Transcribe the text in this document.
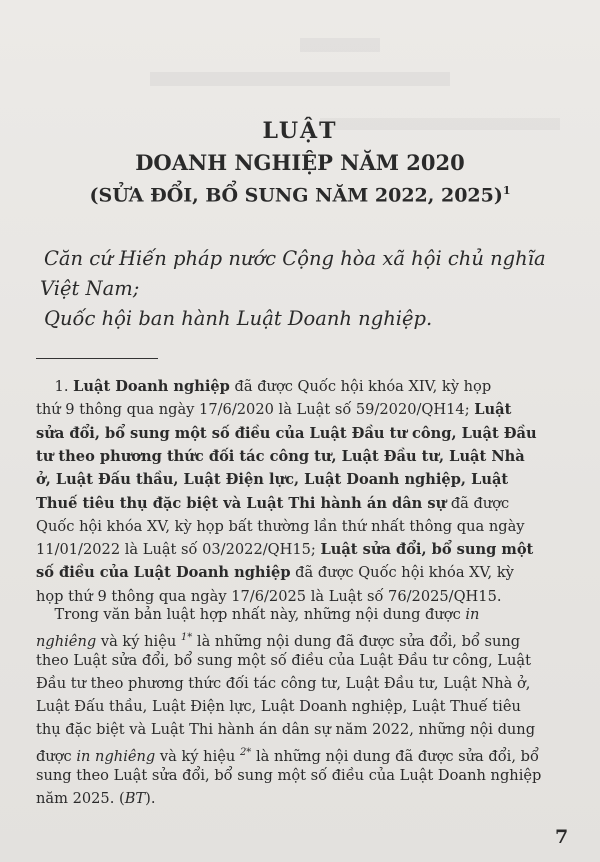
LUẬT
DOANH NGHIỆP NĂM 2020
(SỬA ĐỔI, BỔ SUNG NĂM 2022, 2025)$^1$
Căn cứ Hiến pháp nước Cộng hòa xã hội chủ nghĩa
Việt Nam;
Quốc hội ban hành Luật Doanh nghiệp.
1. Luật Doanh nghiệp đã được Quốc hội khóa XIV, kỳ họp
thứ 9 thông qua ngày 17/6/2020 là Luật số 59/2020/QH14; Luật
sửa đổi, bổ sung một số điều của Luật Đầu tư công, Luật Đầu
tư theo phương thức đối tác công tư, Luật Đầu tư, Luật Nhà
ở, Luật Đấu thầu, Luật Điện lực, Luật Doanh nghiệp, Luật
Thuế tiêu thụ đặc biệt và Luật Thi hành án dân sự đã được
Quốc hội khóa XV, kỳ họp bất thường lần thứ nhất thông qua ngày
11/01/2022 là Luật số 03/2022/QH15; Luật sửa đổi, bổ sung một
số điều của Luật Doanh nghiệp đã được Quốc hội khóa XV, kỳ
họp thứ 9 thông qua ngày 17/6/2025 là Luật số 76/2025/QH15.
Trong văn bản luật hợp nhất này, những nội dung được in
nghiêng và ký hiệu $^{1*}$ là những nội dung đã được sửa đổi, bổ sung
theo Luật sửa đổi, bổ sung một số điều của Luật Đầu tư công, Luật
Đầu tư theo phương thức đối tác công tư, Luật Đầu tư, Luật Nhà ở,
Luật Đấu thầu, Luật Điện lực, Luật Doanh nghiệp, Luật Thuế tiêu
thụ đặc biệt và Luật Thi hành án dân sự năm 2022, những nội dung
được in nghiêng và ký hiệu $^{2*}$ là những nội dung đã được sửa đổi, bổ
sung theo Luật sửa đổi, bổ sung một số điều của Luật Doanh nghiệp
năm 2025. (BT).
7
